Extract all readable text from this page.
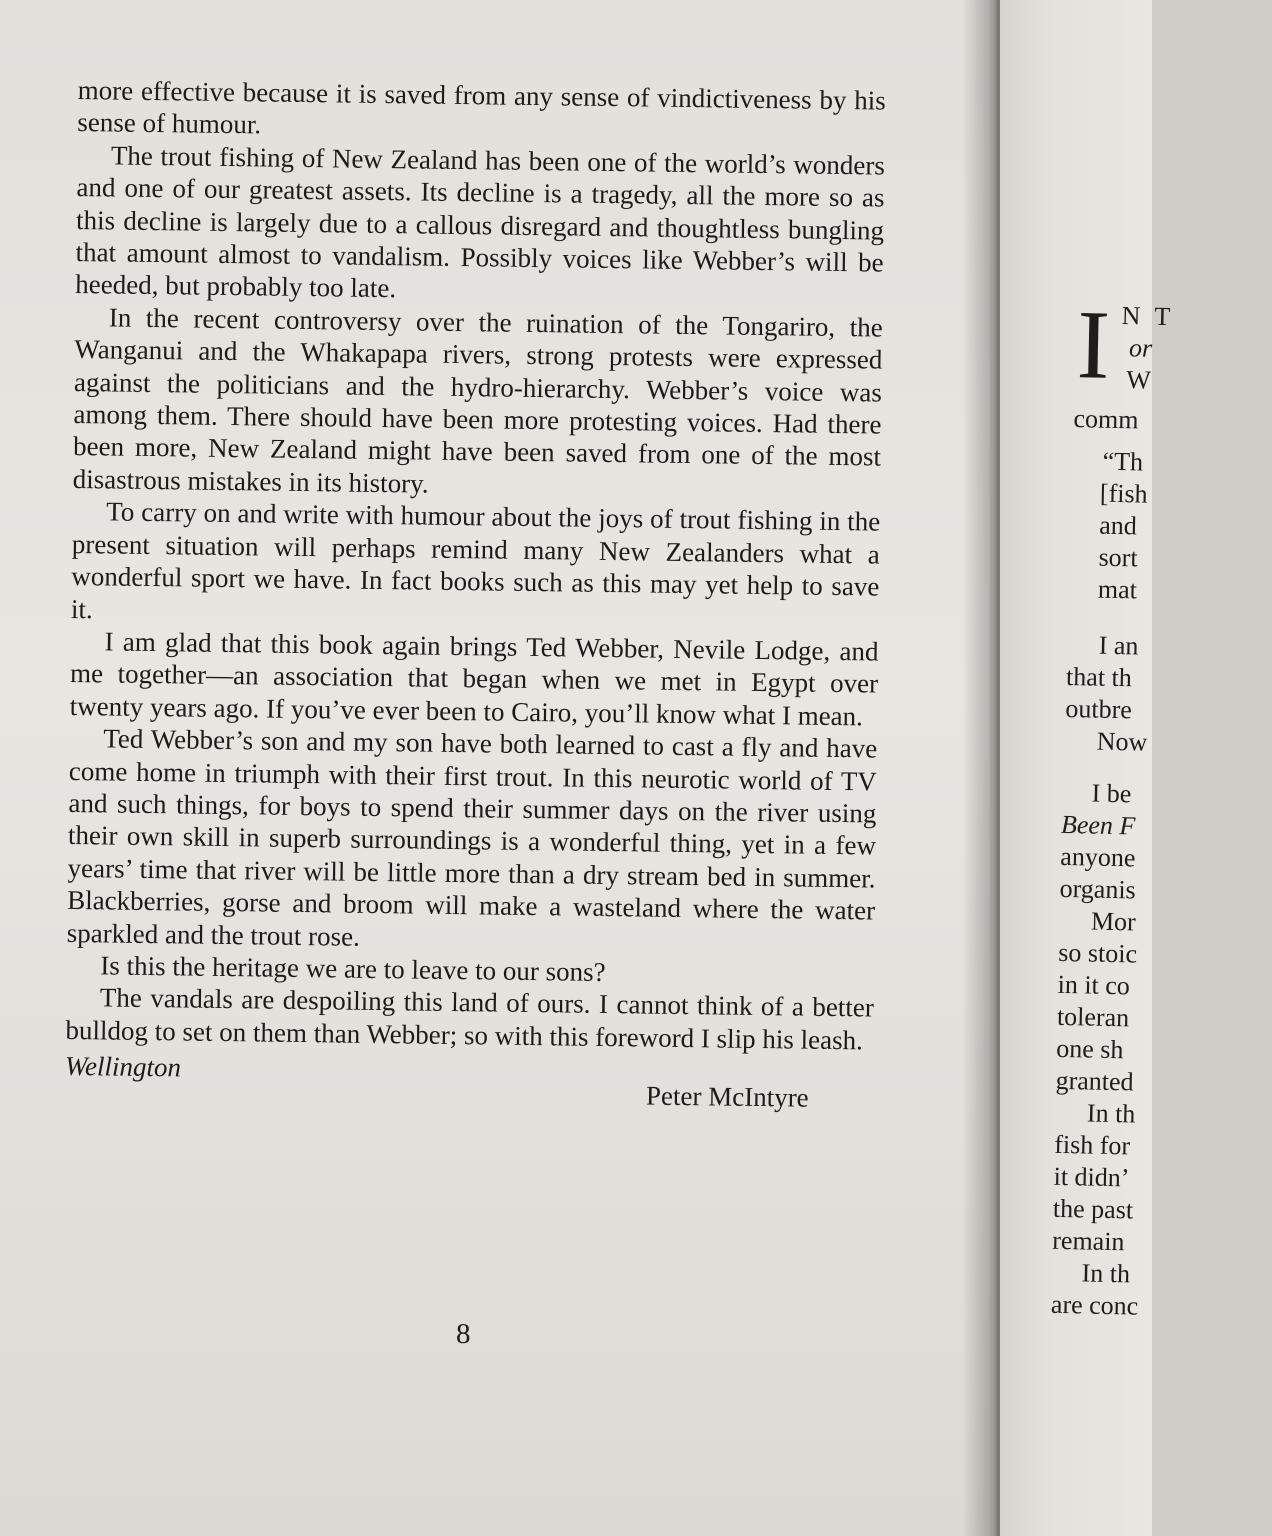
more effective because it is saved from any sense of vindictiveness by his sense of humour.

The trout fishing of New Zealand has been one of the world’s wonders and one of our greatest assets. Its decline is a tragedy, all the more so as this decline is largely due to a callous disregard and thoughtless bungling that amount almost to vandalism. Possibly voices like Webber’s will be heeded, but probably too late.

In the recent controversy over the ruination of the Tongariro, the Wanganui and the Whakapapa rivers, strong protests were expressed against the politicians and the hydro-hierarchy. Webber’s voice was among them. There should have been more protesting voices. Had there been more, New Zealand might have been saved from one of the most disastrous mistakes in its history.

To carry on and write with humour about the joys of trout fishing in the present situation will perhaps remind many New Zealanders what a wonderful sport we have. In fact books such as this may yet help to save it.

I am glad that this book again brings Ted Webber, Nevile Lodge, and me together—an association that began when we met in Egypt over twenty years ago. If you’ve ever been to Cairo, you’ll know what I mean.

Ted Webber’s son and my son have both learned to cast a fly and have come home in triumph with their first trout. In this neurotic world of TV and such things, for boys to spend their summer days on the river using their own skill in superb surroundings is a wonderful thing, yet in a few years’ time that river will be little more than a dry stream bed in summer. Blackberries, gorse and broom will make a wasteland where the water sparkled and the trout rose.

Is this the heritage we are to leave to our sons?

The vandals are despoiling this land of ours. I cannot think of a better bulldog to set on them than Webber; so with this foreword I slip his leash.

Wellington
Peter McIntyre
8
I N T
or
W
comm
“Th
[fish
and
sort
mat
I an
that th
outbre
Now
I be
Been F
anyone
organis
Mor
so stoic
in it co
toleran
one sh
granted
In th
fish for
it didn’
the past
remain
In th
are conc
